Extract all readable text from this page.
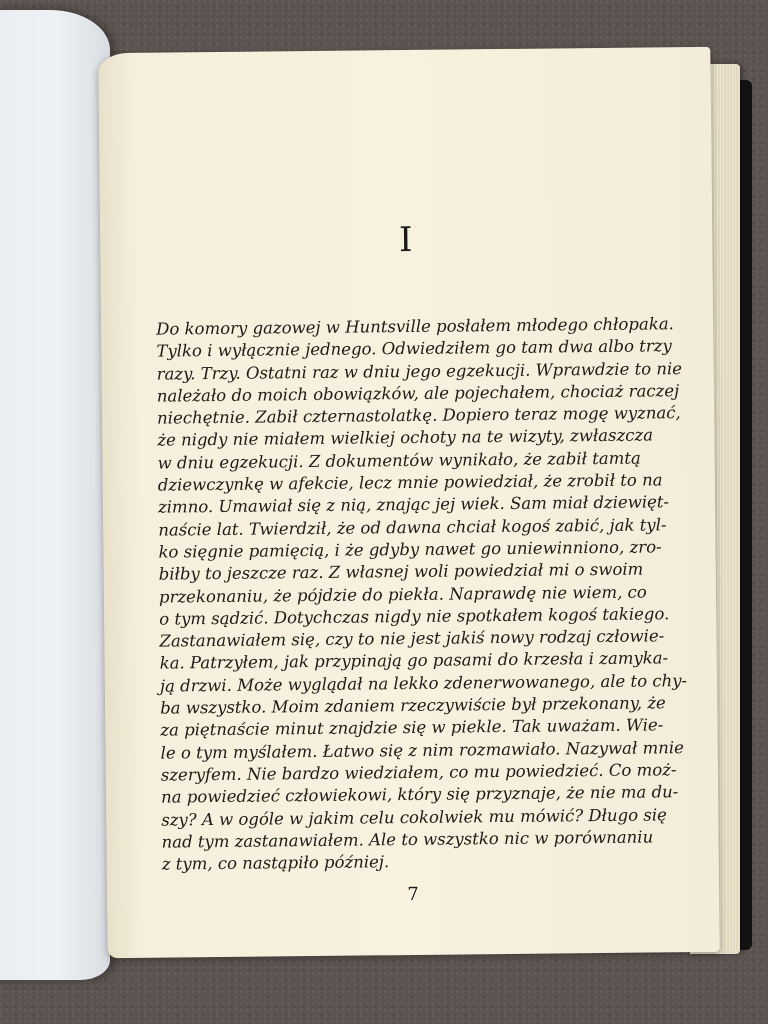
I
Do komory gazowej w Huntsville posłałem młodego chłopaka.
Tylko i wyłącznie jednego. Odwiedziłem go tam dwa albo trzy
razy. Trzy. Ostatni raz w dniu jego egzekucji. Wprawdzie to nie
należało do moich obowiązków, ale pojechałem, chociaż raczej
niechętnie. Zabił czternastolatkę. Dopiero teraz mogę wyznać,
że nigdy nie miałem wielkiej ochoty na te wizyty, zwłaszcza
w dniu egzekucji. Z dokumentów wynikało, że zabił tamtą
dziewczynkę w afekcie, lecz mnie powiedział, że zrobił to na
zimno. Umawiał się z nią, znając jej wiek. Sam miał dziewięt-
naście lat. Twierdził, że od dawna chciał kogoś zabić, jak tyl-
ko sięgnie pamięcią, i że gdyby nawet go uniewinniono, zro-
biłby to jeszcze raz. Z własnej woli powiedział mi o swoim
przekonaniu, że pójdzie do piekła. Naprawdę nie wiem, co
o tym sądzić. Dotychczas nigdy nie spotkałem kogoś takiego.
Zastanawiałem się, czy to nie jest jakiś nowy rodzaj człowie-
ka. Patrzyłem, jak przypinają go pasami do krzesła i zamyka-
ją drzwi. Może wyglądał na lekko zdenerwowanego, ale to chy-
ba wszystko. Moim zdaniem rzeczywiście był przekonany, że
za piętnaście minut znajdzie się w piekle. Tak uważam. Wie-
le o tym myślałem. Łatwo się z nim rozmawiało. Nazywał mnie
szeryfem. Nie bardzo wiedziałem, co mu powiedzieć. Co moż-
na powiedzieć człowiekowi, który się przyznaje, że nie ma du-
szy? A w ogóle w jakim celu cokolwiek mu mówić? Długo się
nad tym zastanawiałem. Ale to wszystko nic w porównaniu
z tym, co nastąpiło później.
7
